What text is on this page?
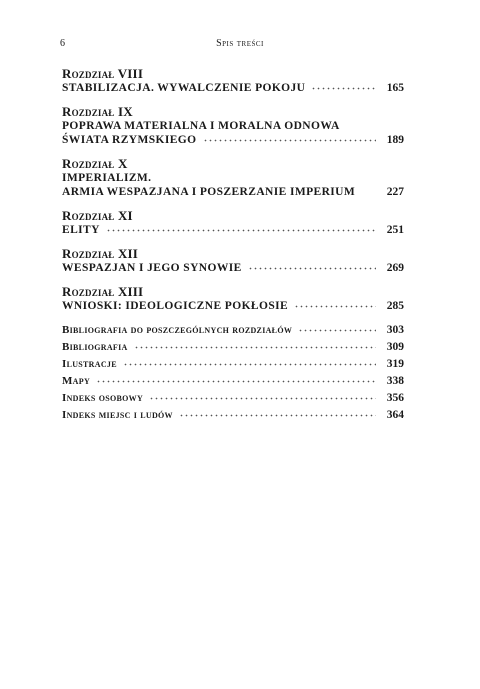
6	Spis treści
Rozdział VIII
STABILIZACJA. WYWALCZENIE POKOJU	165
Rozdział IX
POPRAWA MATERIALNA I MORALNA ODNOWA
ŚWIATA RZYMSKIEGO	189
Rozdział X
IMPERIALIZM.
ARMIA WESPAZJANA I POSZERZANIE IMPERIUM	227
Rozdział XI
ELITY	251
Rozdział XII
WESPAZJAN I JEGO SYNOWIE	269
Rozdział XIII
WNIOSKI: IDEOLOGICZNE POKŁOSIE	285
Bibliografia do poszczególnych rozdziałów	303
Bibliografia	309
Ilustracje	319
Mapy	338
Indeks osobowy	356
Indeks miejsc i ludów	364
